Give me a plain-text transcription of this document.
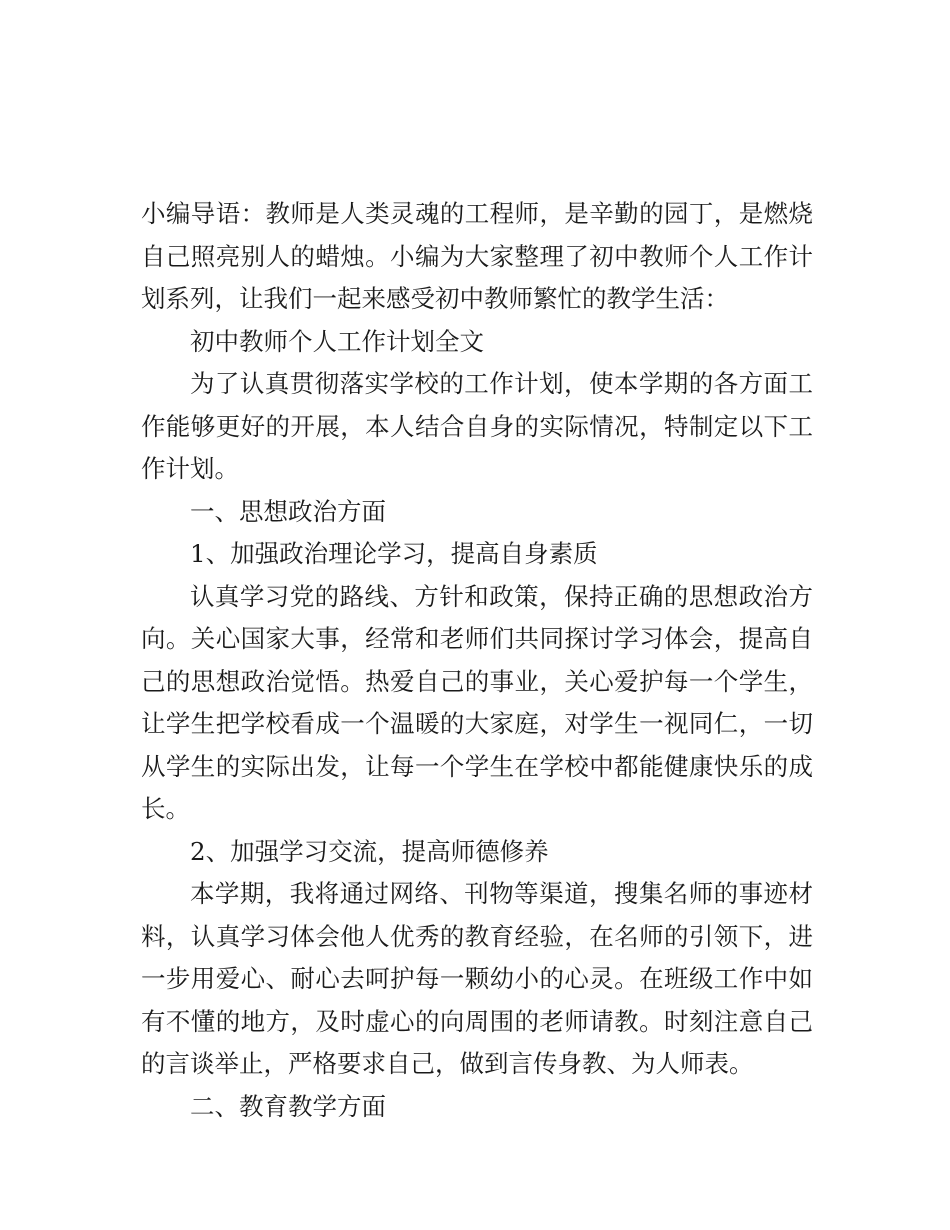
小编导语：教师是人类灵魂的工程师，是辛勤的园丁，是燃烧自己照亮别人的蜡烛。小编为大家整理了初中教师个人工作计划系列，让我们一起来感受初中教师繁忙的教学生活：

初中教师个人工作计划全文

为了认真贯彻落实学校的工作计划，使本学期的各方面工作能够更好的开展，本人结合自身的实际情况，特制定以下工作计划。

一、思想政治方面

1、加强政治理论学习，提高自身素质

认真学习党的路线、方针和政策，保持正确的思想政治方向。关心国家大事，经常和老师们共同探讨学习体会，提高自己的思想政治觉悟。热爱自己的事业，关心爱护每一个学生，让学生把学校看成一个温暖的大家庭，对学生一视同仁，一切从学生的实际出发，让每一个学生在学校中都能健康快乐的成长。

2、加强学习交流，提高师德修养

本学期，我将通过网络、刊物等渠道，搜集名师的事迹材料，认真学习体会他人优秀的教育经验，在名师的引领下，进一步用爱心、耐心去呵护每一颗幼小的心灵。在班级工作中如有不懂的地方，及时虚心的向周围的老师请教。时刻注意自己的言谈举止，严格要求自己，做到言传身教、为人师表。

二、教育教学方面
